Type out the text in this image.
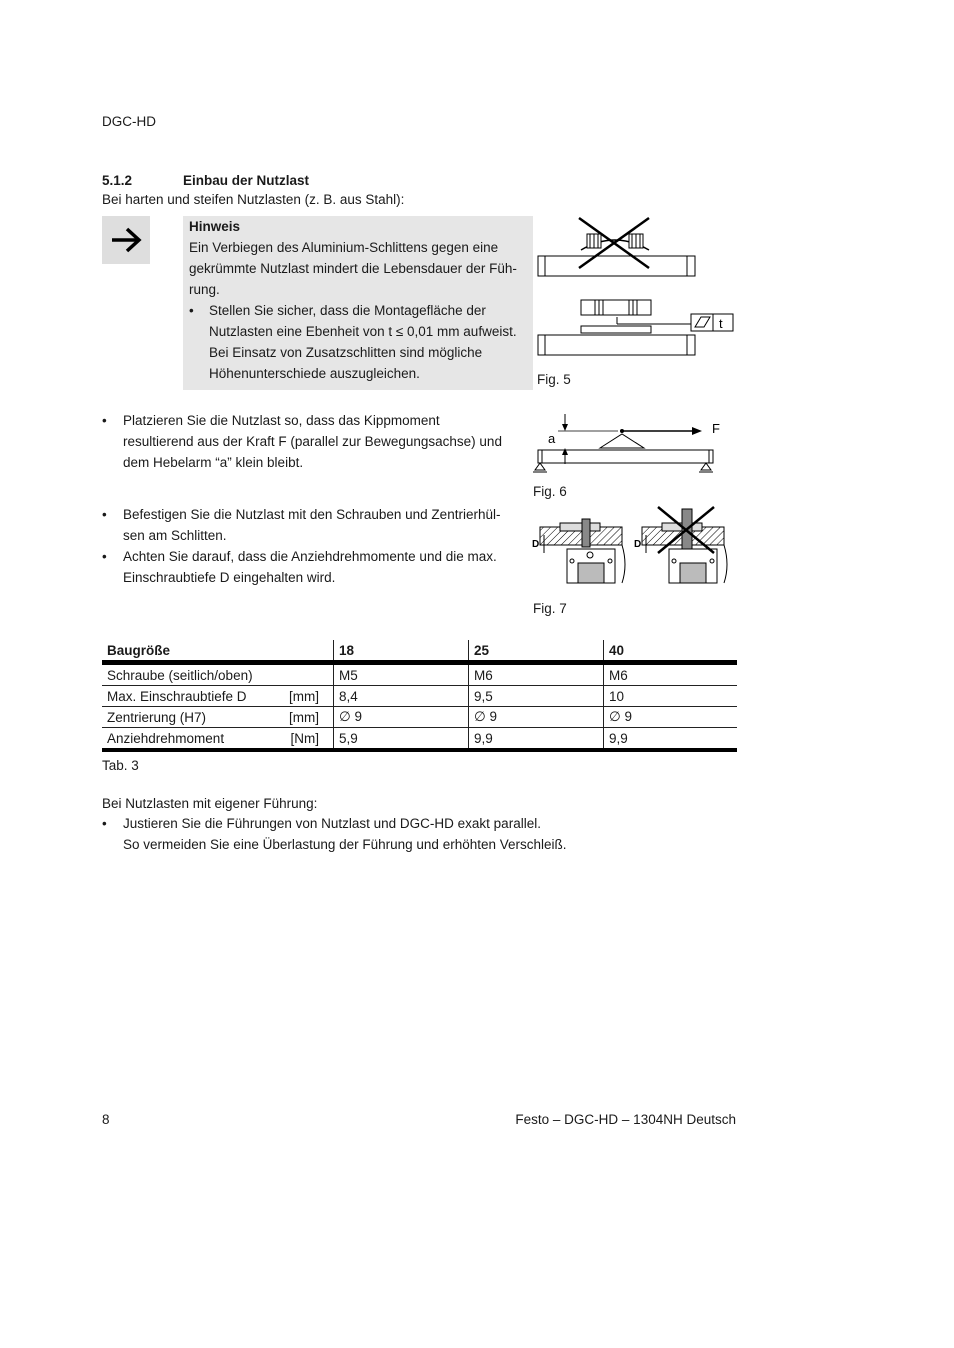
DGC-HD
5.1.2	Einbau der Nutzlast
Bei harten und steifen Nutzlasten (z. B. aus Stahl):
Hinweis
Ein Verbiegen des Aluminium-Schlittens gegen eine
gekrümmte Nutzlast mindert die Lebensdauer der Füh-
rung.
• Stellen Sie sicher, dass die Montagefläche der
Nutzlasten eine Ebenheit von t ≤ 0,01 mm aufweist.
Bei Einsatz von Zusatzschlitten sind mögliche
Höhenunterschiede auszugleichen.
t
Fig. 5
• Platzieren Sie die Nutzlast so, dass das Kippmoment
resultierend aus der Kraft F (parallel zur Bewegungsachse) und
dem Hebelarm “a” klein bleibt.
a
F
Fig. 6
• Befestigen Sie die Nutzlast mit den Schrauben und Zentrierhül-
sen am Schlitten.
• Achten Sie darauf, dass die Anziehdrehmomente und die max.
Einschraubtiefe D eingehalten wird.
D	D
Fig. 7
Baugröße	18	25	40
Schraube (seitlich/oben)	M5	M6	M6
Max. Einschraubtiefe D [mm]	8,4	9,5	10
Zentrierung (H7) [mm]	∅ 9	∅ 9	∅ 9
Anziehdrehmoment [Nm]	5,9	9,9	9,9
Tab. 3
Bei Nutzlasten mit eigener Führung:
• Justieren Sie die Führungen von Nutzlast und DGC-HD exakt parallel.
So vermeiden Sie eine Überlastung der Führung und erhöhten Verschleiß.
8	Festo – DGC-HD – 1304NH Deutsch
